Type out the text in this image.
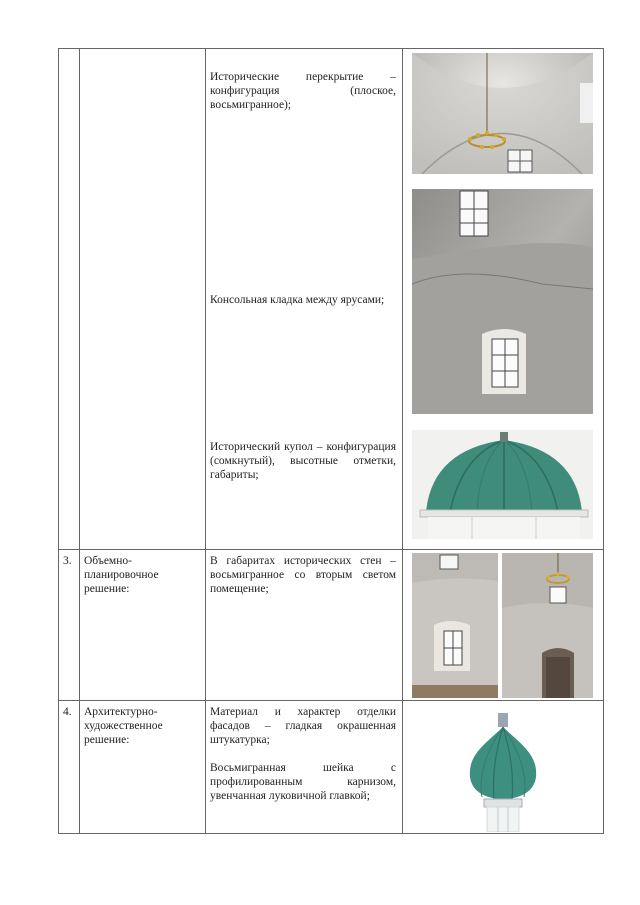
Исторические перекрытие – конфигурация (плоское, восьмигранное);
Консольная кладка между ярусами;
Исторический купол – конфигурация (сомкнутый), высотные отметки, габариты;
3. Объемно-планировочное решение:
В габаритах исторических стен – восьмигранное со вторым светом помещение;
4. Архитектурно-художественное решение:
Материал и характер отделки фасадов – гладкая окрашенная штукатурка;
Восьмигранная шейка с профилированным карнизом, увенчанная луковичной главкой;
